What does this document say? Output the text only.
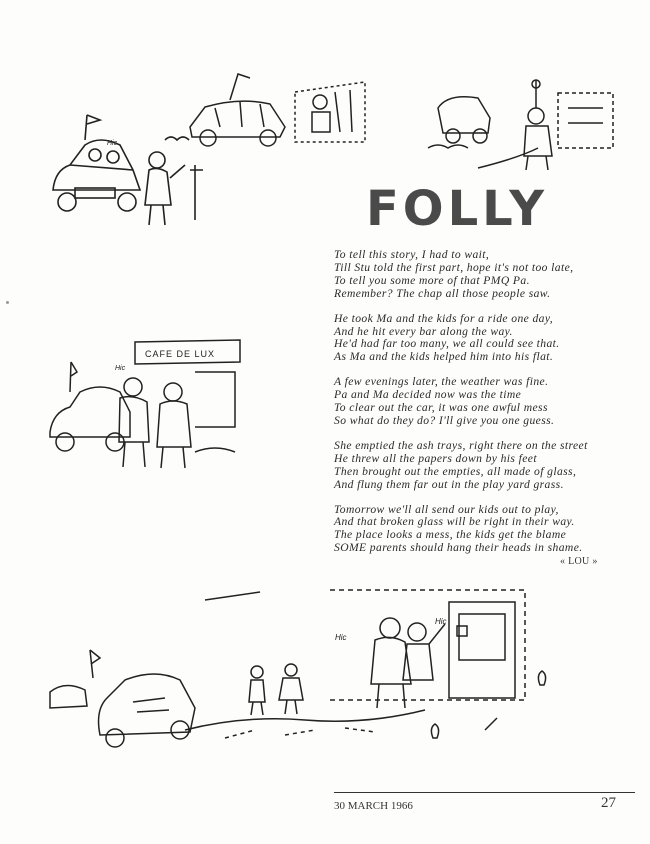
Hic
FOLLY
CAFE DE LUX
Hic
To tell this story, I had to wait,
Till Stu told the first part, hope it's not too late,
To tell you some more of that PMQ Pa.
Remember? The chap all those people saw.
He took Ma and the kids for a ride one day,
And he hit every bar along the way.
He'd had far too many, we all could see that.
As Ma and the kids helped him into his flat.
A few evenings later, the weather was fine.
Pa and Ma decided now was the time
To clear out the car, it was one awful mess
So what do they do? I'll give you one guess.
She emptied the ash trays, right there on the street
He threw all the papers down by his feet
Then brought out the empties, all made of glass,
And flung them far out in the play yard grass.
Tomorrow we'll all send our kids out to play,
And that broken glass will be right in their way.
The place looks a mess, the kids get the blame
SOME parents should hang their heads in shame.
« LOU »
Hic
Hic
30 MARCH 1966	27
